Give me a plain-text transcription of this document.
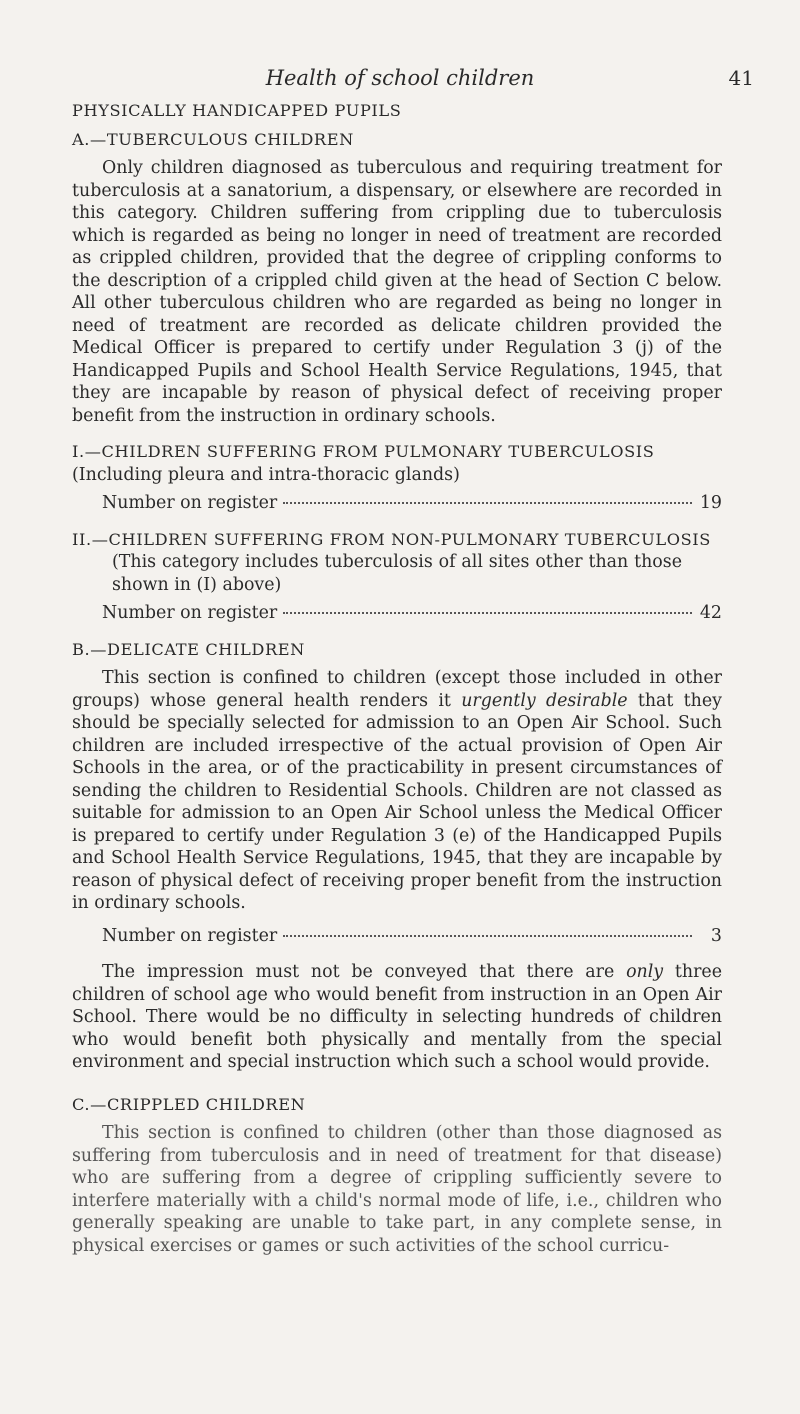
Health of school children	41

PHYSICALLY HANDICAPPED PUPILS

A.—TUBERCULOUS CHILDREN

Only children diagnosed as tuberculous and requiring treatment for tuberculosis at a sanatorium, a dispensary, or elsewhere are recorded in this category. Children suffering from crippling due to tuberculosis which is regarded as being no longer in need of treatment are recorded as crippled children, provided that the degree of crippling conforms to the description of a crippled child given at the head of Section C below. All other tuberculous children who are regarded as being no longer in need of treatment are recorded as delicate children provided the Medical Officer is prepared to certify under Regulation 3 (j) of the Handicapped Pupils and School Health Service Regulations, 1945, that they are incapable by reason of physical defect of receiving proper benefit from the instruction in ordinary schools.

I.—CHILDREN SUFFERING FROM PULMONARY TUBERCULOSIS

(Including pleura and intra-thoracic glands)

Number on register	19

II.—CHILDREN SUFFERING FROM NON-PULMONARY TUBERCULOSIS

(This category includes tuberculosis of all sites other than those shown in (I) above)

Number on register	42

B.—DELICATE CHILDREN

This section is confined to children (except those included in other groups) whose general health renders it urgently desirable that they should be specially selected for admission to an Open Air School. Such children are included irrespective of the actual provision of Open Air Schools in the area, or of the practicability in present circumstances of sending the children to Residential Schools. Children are not classed as suitable for admission to an Open Air School unless the Medical Officer is prepared to certify under Regulation 3 (e) of the Handicapped Pupils and School Health Service Regulations, 1945, that they are incapable by reason of physical defect of receiving proper benefit from the instruction in ordinary schools.

Number on register	3

The impression must not be conveyed that there are only three children of school age who would benefit from instruction in an Open Air School. There would be no difficulty in selecting hundreds of children who would benefit both physically and mentally from the special environment and special instruction which such a school would provide.

C.—CRIPPLED CHILDREN

This section is confined to children (other than those diagnosed as suffering from tuberculosis and in need of treatment for that disease) who are suffering from a degree of crippling sufficiently severe to interfere materially with a child's normal mode of life, i.e., children who generally speaking are unable to take part, in any complete sense, in physical exercises or games or such activities of the school curricu-
